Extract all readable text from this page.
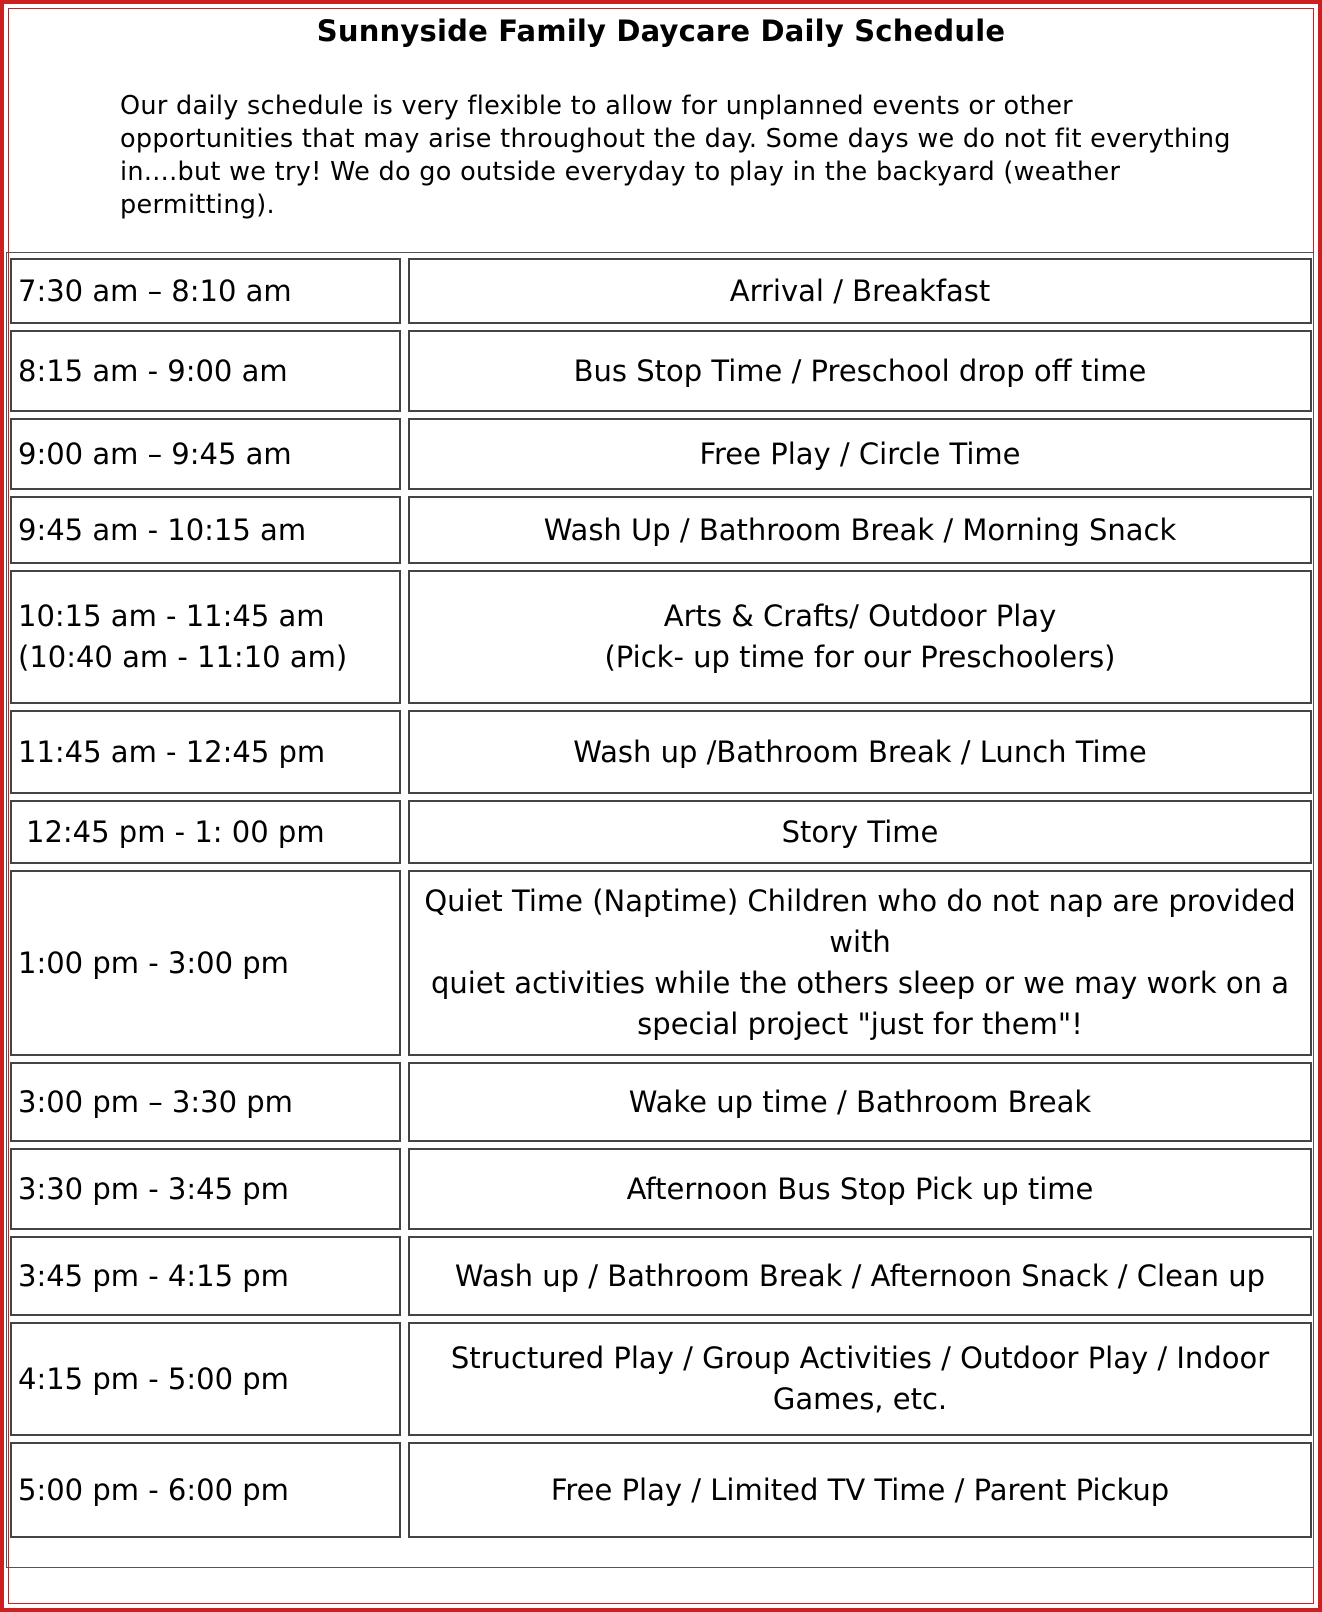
Sunnyside Family Daycare Daily Schedule

Our daily schedule is very flexible to allow for unplanned events or other opportunities that may arise throughout the day. Some days we do not fit everything in....but we try! We do go outside everyday to play in the backyard (weather permitting).

7:30 am – 8:10 am	Arrival / Breakfast

8:15 am - 9:00 am	Bus Stop Time / Preschool drop off time

9:00 am – 9:45 am	Free Play / Circle Time

9:45 am - 10:15 am	Wash Up / Bathroom Break / Morning Snack

10:15 am - 11:45 am
(10:40 am - 11:10 am)	Arts & Crafts/ Outdoor Play
(Pick- up time for our Preschoolers)

11:45 am - 12:45 pm	Wash up /Bathroom Break / Lunch Time

12:45 pm - 1: 00 pm	Story Time

1:00 pm - 3:00 pm	Quiet Time (Naptime) Children who do not nap are provided with
quiet activities while the others sleep or we may work on a
special project "just for them"!

3:00 pm – 3:30 pm	Wake up time / Bathroom Break

3:30 pm - 3:45 pm	Afternoon Bus Stop Pick up time

3:45 pm - 4:15 pm	Wash up / Bathroom Break / Afternoon Snack / Clean up

4:15 pm - 5:00 pm	Structured Play / Group Activities / Outdoor Play / Indoor
Games, etc.

5:00 pm - 6:00 pm	Free Play / Limited TV Time / Parent Pickup
